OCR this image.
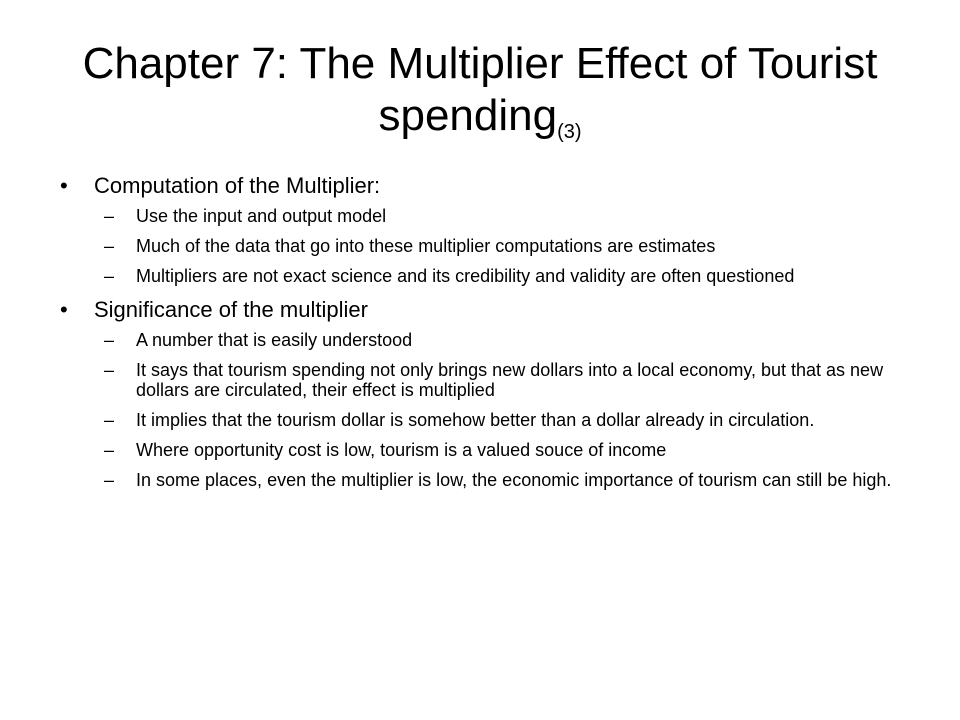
Chapter 7: The Multiplier Effect of Tourist spending(3)
• Computation of the Multiplier:
– Use the input and output model
– Much of the data that go into these multiplier computations are estimates
– Multipliers are not exact science and its credibility and validity are often questioned
• Significance of the multiplier
– A number that is easily understood
– It says that tourism spending not only brings new dollars into a local economy, but that as new dollars are circulated, their effect is multiplied
– It implies that the tourism dollar is somehow better than a dollar already in circulation.
– Where opportunity cost is low, tourism is a valued souce of income
– In some places, even the multiplier is low, the economic importance of tourism can still be high.
